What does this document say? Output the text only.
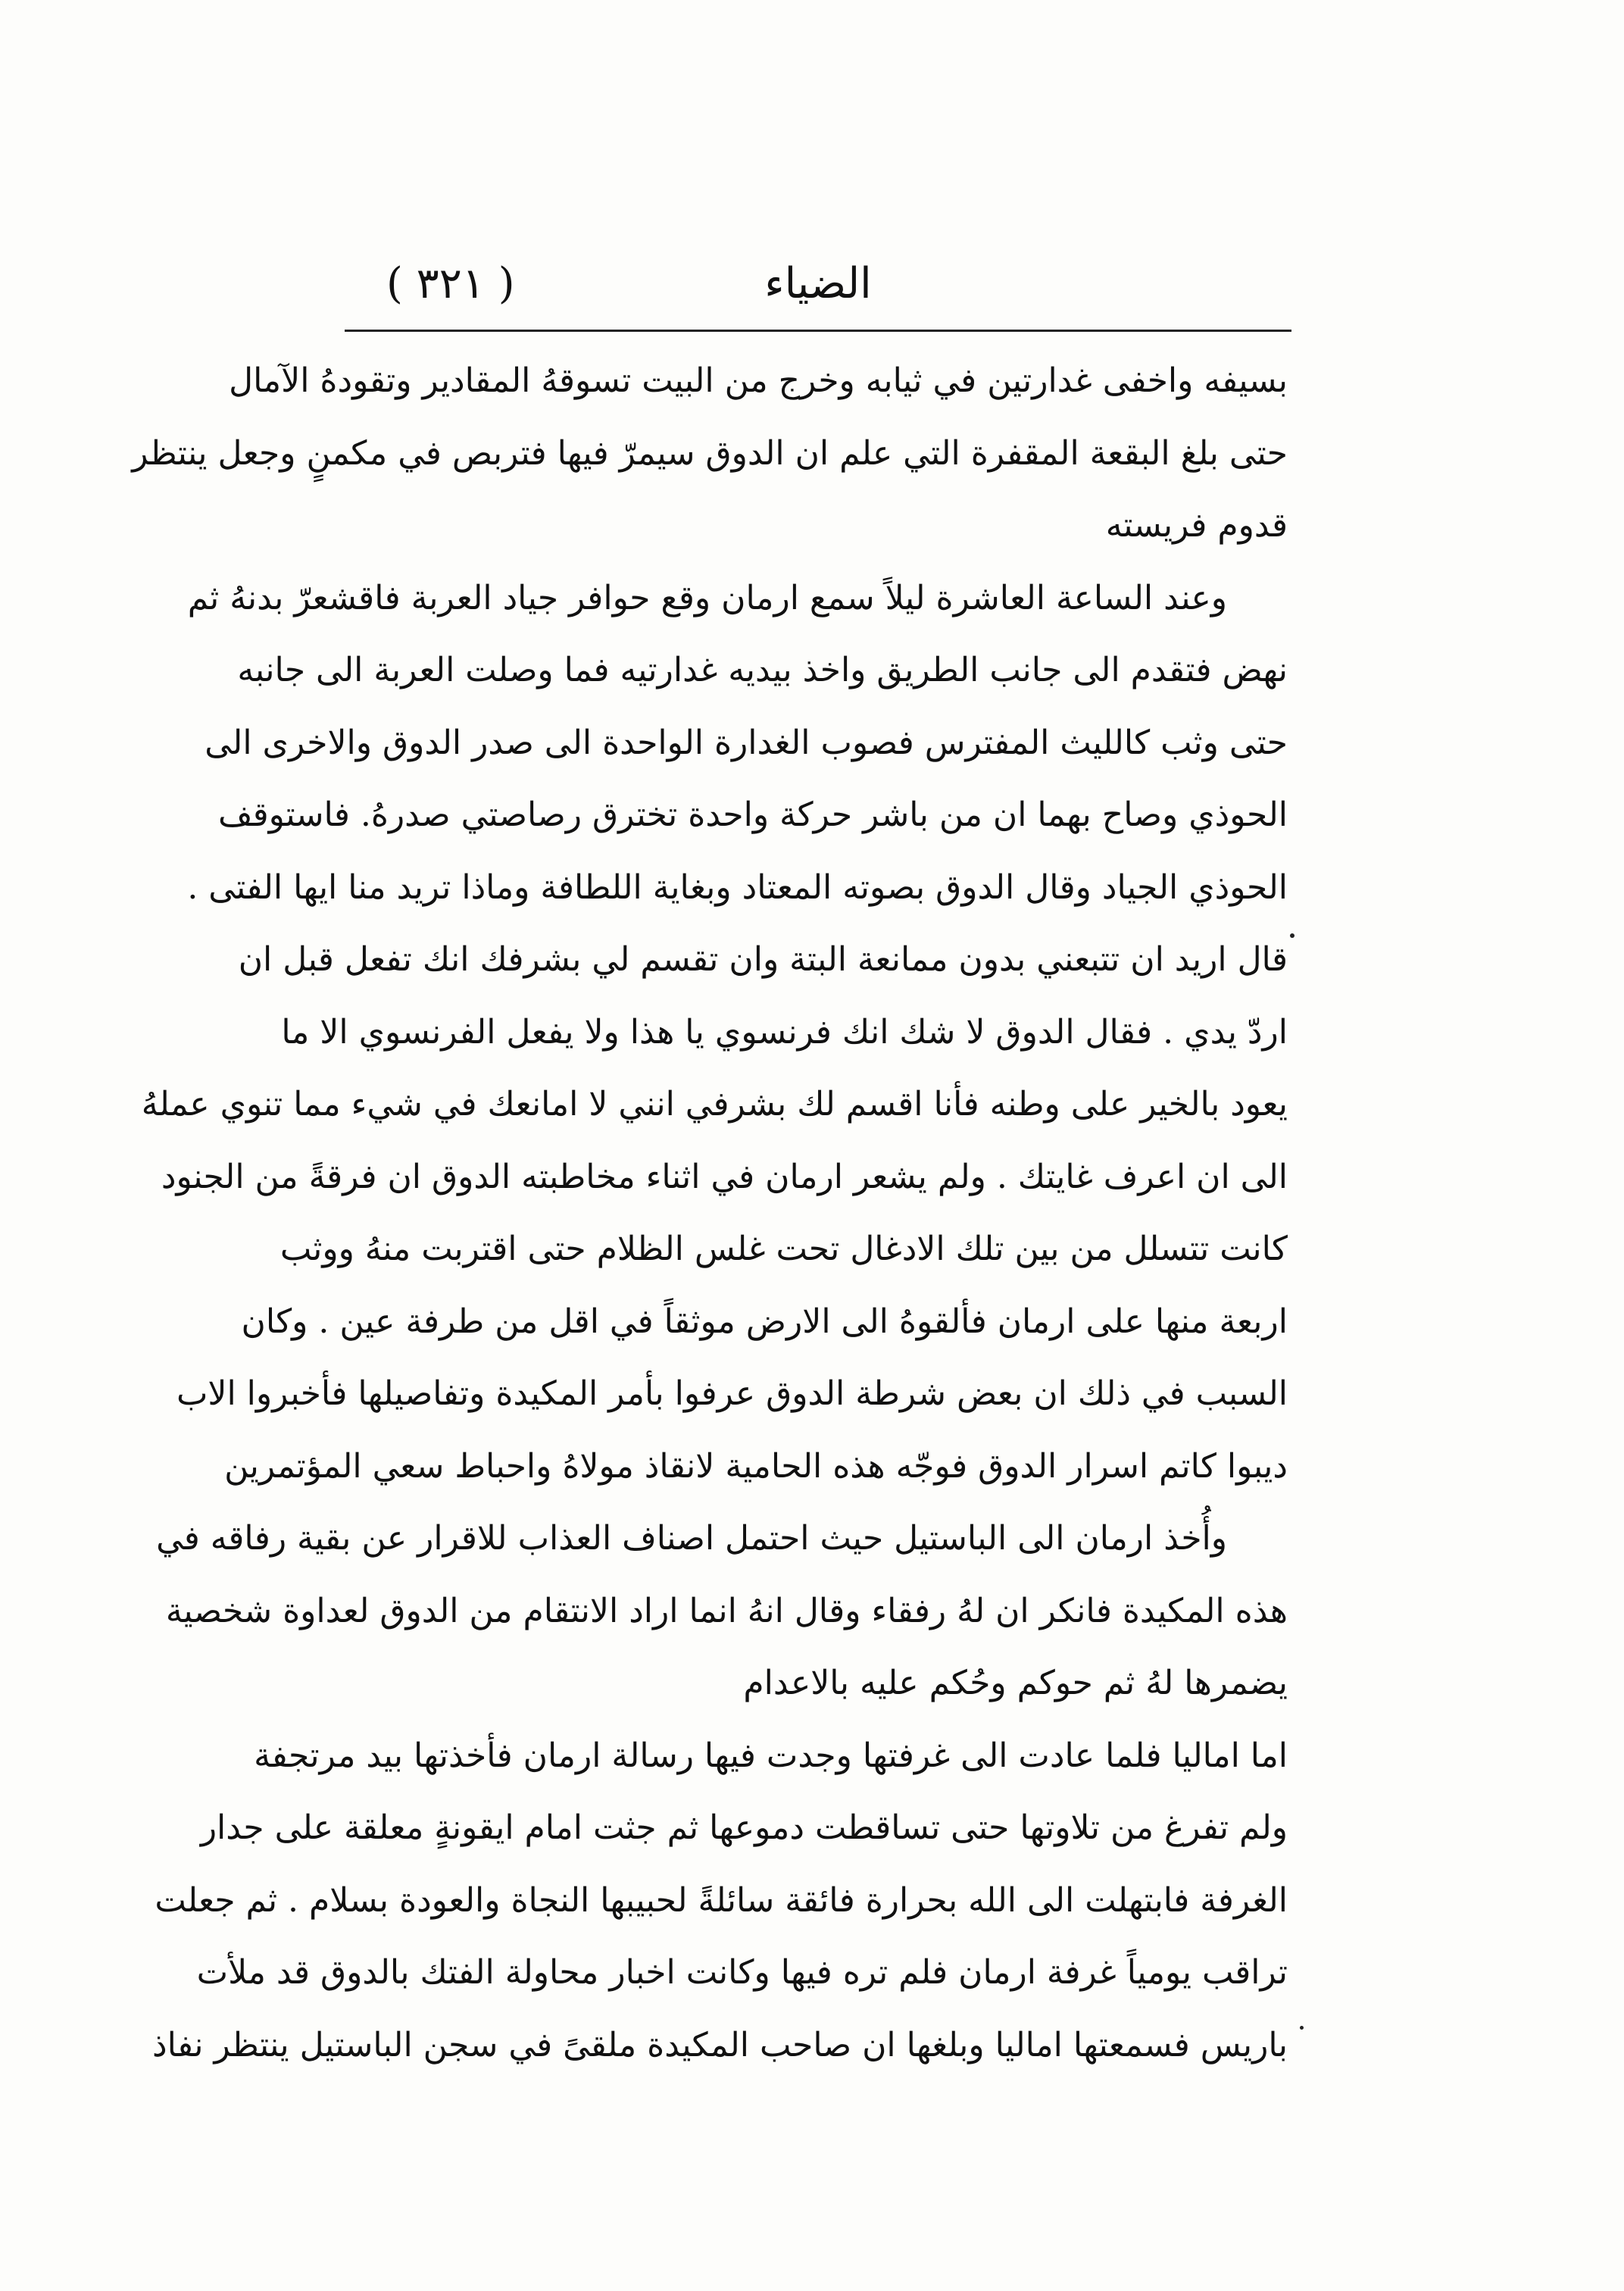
الضياء
( ٣٢١ )
بسيفه واخفى غدارتين في ثيابه وخرج من البيت تسوقهُ المقادير وتقودهُ الآمال
حتى بلغ البقعة المقفرة التي علم ان الدوق سيمرّ فيها فتربص في مكمنٍ وجعل ينتظر
قدوم فريسته
وعند الساعة العاشرة ليلاً سمع ارمان وقع حوافر جياد العربة فاقشعرّ بدنهُ ثم
نهض فتقدم الى جانب الطريق واخذ بيديه غدارتيه فما وصلت العربة الى جانبه
حتى وثب كالليث المفترس فصوب الغدارة الواحدة الى صدر الدوق والاخرى الى
الحوذي وصاح بهما ان من باشر حركة واحدة تخترق رصاصتي صدرهُ. فاستوقف
الحوذي الجياد وقال الدوق بصوته المعتاد وبغاية اللطافة وماذا تريد منا ايها الفتى .
قال اريد ان تتبعني بدون ممانعة البتة وان تقسم لي بشرفك انك تفعل قبل ان
اردّ يدي . فقال الدوق لا شك انك فرنسوي يا هذا ولا يفعل الفرنسوي الا ما
يعود بالخير على وطنه فأنا اقسم لك بشرفي انني لا امانعك في شيء مما تنوي عملهُ
الى ان اعرف غايتك . ولم يشعر ارمان في اثناء مخاطبته الدوق ان فرقةً من الجنود
كانت تتسلل من بين تلك الادغال تحت غلس الظلام حتى اقتربت منهُ ووثب
اربعة منها على ارمان فألقوهُ الى الارض موثقاً في اقل من طرفة عين . وكان
السبب في ذلك ان بعض شرطة الدوق عرفوا بأمر المكيدة وتفاصيلها فأخبروا الاب
ديبوا كاتم اسرار الدوق فوجّه هذه الحامية لانقاذ مولاهُ واحباط سعي المؤتمرين
وأُخذ ارمان الى الباستيل حيث احتمل اصناف العذاب للاقرار عن بقية رفاقه في
هذه المكيدة فانكر ان لهُ رفقاء وقال انهُ انما اراد الانتقام من الدوق لعداوة شخصية
يضمرها لهُ ثم حوكم وحُكم عليه بالاعدام
اما اماليا فلما عادت الى غرفتها وجدت فيها رسالة ارمان فأخذتها بيد مرتجفة
ولم تفرغ من تلاوتها حتى تساقطت دموعها ثم جثت امام ايقونةٍ معلقة على جدار
الغرفة فابتهلت الى الله بحرارة فائقة سائلةً لحبيبها النجاة والعودة بسلام . ثم جعلت
تراقب يومياً غرفة ارمان فلم تره فيها وكانت اخبار محاولة الفتك بالدوق قد ملأت
باريس فسمعتها اماليا وبلغها ان صاحب المكيدة ملقىً في سجن الباستيل ينتظر نفاذ
